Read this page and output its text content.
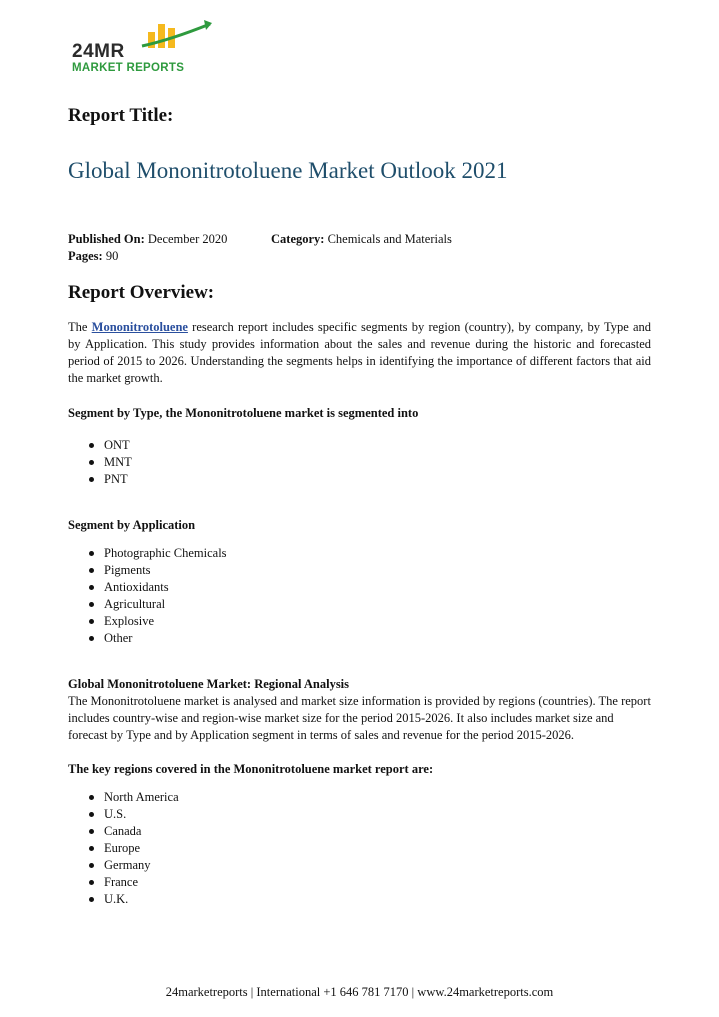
24MR
MARKET REPORTS
Report Title:
Global Mononitrotoluene Market Outlook 2021
Published On: December 2020	Category: Chemicals and Materials
Pages: 90
Report Overview:

The Mononitrotoluene research report includes specific segments by region (country), by company, by Type and by Application. This study provides information about the sales and revenue during the historic and forecasted period of 2015 to 2026. Understanding the segments helps in identifying the importance of different factors that aid the market growth.

Segment by Type, the Mononitrotoluene market is segmented into
ONT
MNT
PNT
Segment by Application
Photographic Chemicals
Pigments
Antioxidants
Agricultural
Explosive
Other
Global Mononitrotoluene Market: Regional Analysis

The Mononitrotoluene market is analysed and market size information is provided by regions (countries). The report includes country-wise and region-wise market size for the period 2015-2026. It also includes market size and forecast by Type and by Application segment in terms of sales and revenue for the period 2015-2026.

The key regions covered in the Mononitrotoluene market report are:
North America
U.S.
Canada
Europe
Germany
France
U.K.
24marketreports | International +1 646 781 7170 | www.24marketreports.com
